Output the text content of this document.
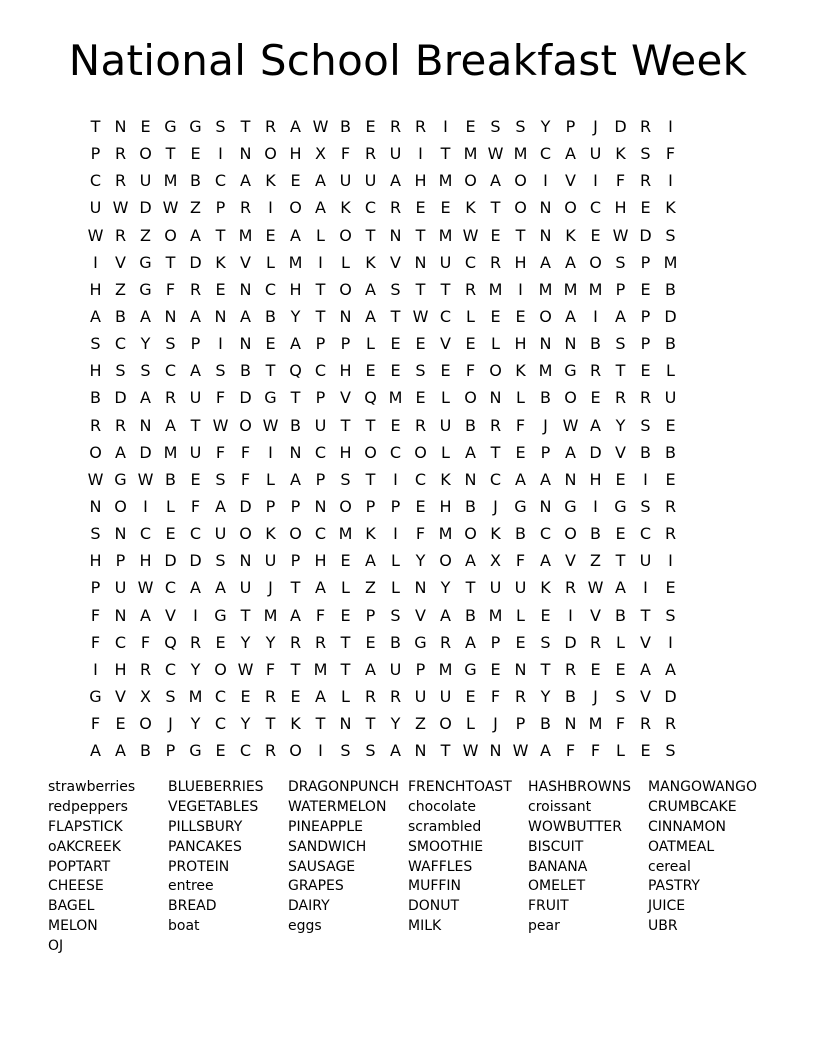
National School Breakfast Week
T N E G G S T R A W B E R R	I	E S S Y P	J	D R	I
P R O T E	I	N O H X F R U	I	T M W M C A U K S F
C R U M B C A K E A U U A H M O A O	I	V	I	F R	I
U W D W Z P R	I	O A K C R E E K T O N O C H E K
W R Z O A T M E A L O T N T M W E T N K E W D S
I	V G T D K V L M I	L K V N U C R H A A O S P M
H Z G F R E N C H T O A S T T R M I M M M P E B
A B A N A N A B Y T N A T W C L E E O A	I	A P D
S C Y S P	I	N E A P P L E E V E L H N N B S P B
H S S C A S B T Q C H E E S E F O K M G R T E L
B D A R U F D G T P V Q M E L O N L B O E R R U
R R N A T W O W B U T T E R U B R F	J W A Y S E
O A D M U F F	I	N C H O C O L A T E P A D V B B
W G W B E S F L A P S T	I	C K N C A A N H E	I	E
N O	I	L F A D P P N O P P E H B	J	G N G	I	G S R
S N C E C U O K O C M K	I	F M O K B C O B E C R
H P H D D S N U P H E A L Y O A X F A V Z T U	I
P U W C A A U	J	T A L Z L N Y T U U K R W A	I	E
F N A V	I	G T M A F E P S V A B M L E	I	V B T S
F C F Q R E Y Y R R T E B G R A P E S D R L V	I
I	H R C Y O W F T M T A U P M G E N T R E E A A
G V X S M C E R E A L R R U U E F R Y B	J	S V D
F E O	J	Y C Y T K T N T Y Z O L	J	P B N M F R R
A A B P G E C R O	I	S S A N T W N W A F F L E S
strawberries	BLUEBERRIES	DRAGONPUNCH FRENCHTOAST	HASHBROWNS	MANGOWANGO
redpeppers	VEGETABLES	WATERMELON	chocolate	croissant	CRUMBCAKE
FLAPSTICK	PILLSBURY	PINEAPPLE	scrambled	WOWBUTTER	CINNAMON
oAKCREEK	PANCAKES	SANDWICH	SMOOTHIE	BISCUIT	OATMEAL
POPTART	PROTEIN	SAUSAGE	WAFFLES	BANANA	cereal
CHEESE	entree	GRAPES	MUFFIN	OMELET	PASTRY
BAGEL	BREAD	DAIRY	DONUT	FRUIT	JUICE
MELON	boat	eggs	MILK	pear	UBR
OJ
